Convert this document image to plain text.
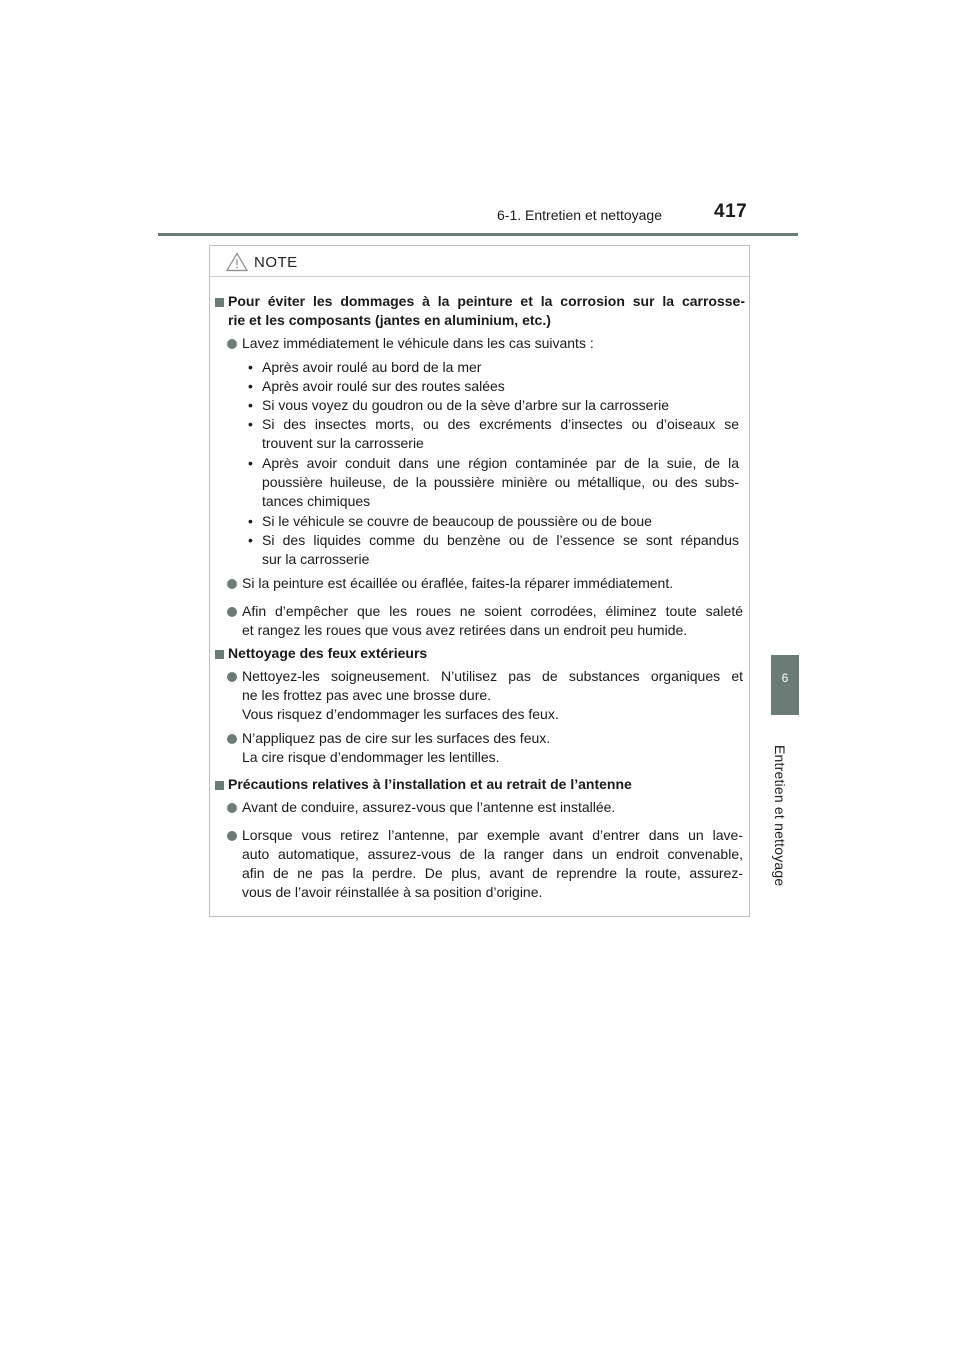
6-1. Entretien et nettoyage	417
6
Entretien et nettoyage
NOTE
Pour éviter les dommages à la peinture et la corrosion sur la carrosse-
rie et les composants (jantes en aluminium, etc.)
Lavez immédiatement le véhicule dans les cas suivants :
• Après avoir roulé au bord de la mer
• Après avoir roulé sur des routes salées
• Si vous voyez du goudron ou de la sève d’arbre sur la carrosserie
• Si des insectes morts, ou des excréments d’insectes ou d’oiseaux se
trouvent sur la carrosserie
• Après avoir conduit dans une région contaminée par de la suie, de la
poussière huileuse, de la poussière minière ou métallique, ou des subs-
tances chimiques
• Si le véhicule se couvre de beaucoup de poussière ou de boue
• Si des liquides comme du benzène ou de l’essence se sont répandus
sur la carrosserie
Si la peinture est écaillée ou éraflée, faites-la réparer immédiatement.
Afin d’empêcher que les roues ne soient corrodées, éliminez toute saleté
et rangez les roues que vous avez retirées dans un endroit peu humide.
Nettoyage des feux extérieurs
Nettoyez-les soigneusement. N’utilisez pas de substances organiques et
ne les frottez pas avec une brosse dure.
Vous risquez d’endommager les surfaces des feux.
N’appliquez pas de cire sur les surfaces des feux.
La cire risque d’endommager les lentilles.
Précautions relatives à l’installation et au retrait de l’antenne
Avant de conduire, assurez-vous que l’antenne est installée.
Lorsque vous retirez l’antenne, par exemple avant d’entrer dans un lave-
auto automatique, assurez-vous de la ranger dans un endroit convenable,
afin de ne pas la perdre. De plus, avant de reprendre la route, assurez-
vous de l’avoir réinstallée à sa position d’origine.
